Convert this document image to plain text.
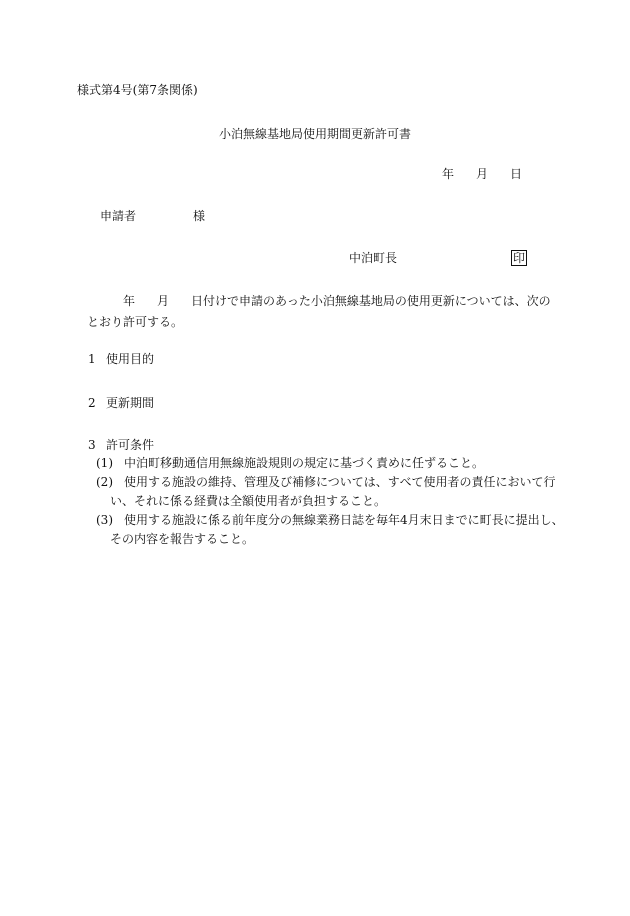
様式第4号(第7条関係)
小泊無線基地局使用期間更新許可書
年 月 日
申請者	様
中泊町長	印
年 月 日付けで申請のあった小泊無線基地局の使用更新については、次の
とおり許可する。
1 使用目的
2 更新期間
3 許可条件
(1) 中泊町移動通信用無線施設規則の規定に基づく責めに任ずること。
(2) 使用する施設の維持、管理及び補修については、すべて使用者の責任において行
い、それに係る経費は全額使用者が負担すること。
(3) 使用する施設に係る前年度分の無線業務日誌を毎年4月末日までに町長に提出し、
その内容を報告すること。
